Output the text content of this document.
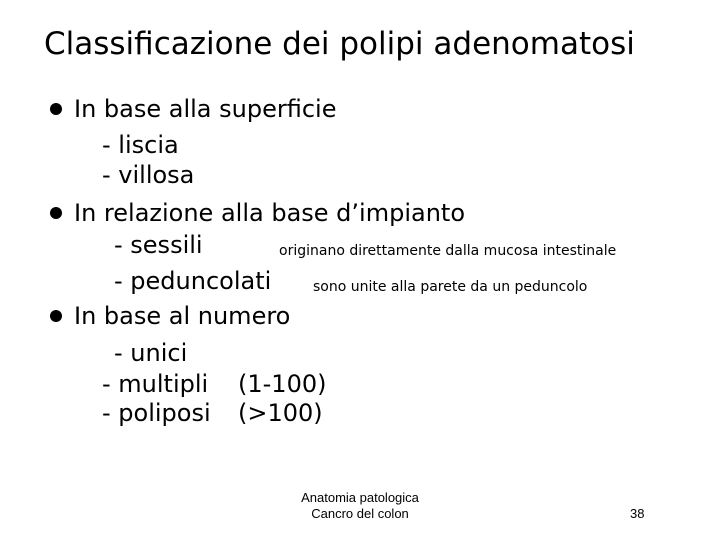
Classificazione dei polipi adenomatosi
In base alla superficie
- liscia
- villosa
In relazione alla base d’impianto
- sessili	originano direttamente dalla mucosa intestinale
- peduncolati	sono unite alla parete da un peduncolo
In base al numero
- unici
- multipli (1-100)
- poliposi (>100)
Anatomia patologica
Cancro del colon	38
